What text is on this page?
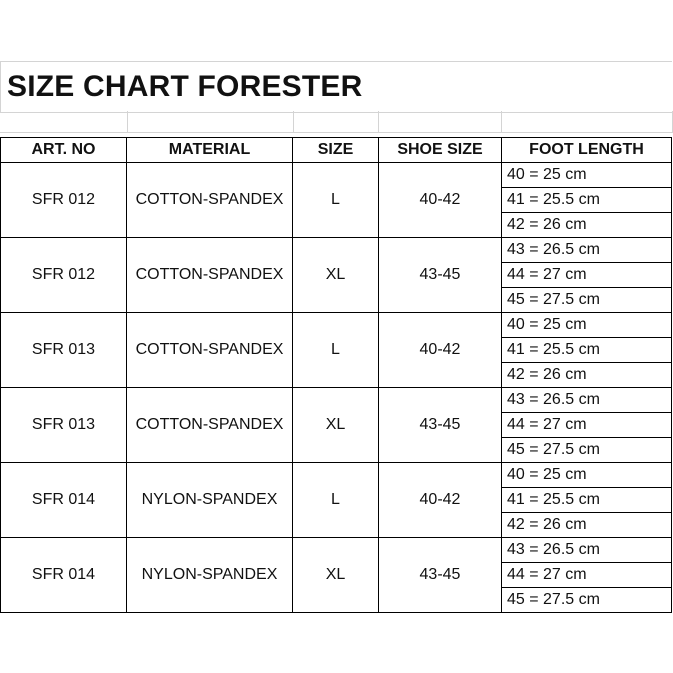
SIZE CHART FORESTER
ART. NO	MATERIAL	SIZE	SHOE SIZE	FOOT LENGTH
SFR 012	COTTON-SPANDEX	L	40-42	40 = 25 cm
				41 = 25.5 cm
				42 = 26 cm
SFR 012	COTTON-SPANDEX	XL	43-45	43 = 26.5 cm
				44 = 27 cm
				45 = 27.5 cm
SFR 013	COTTON-SPANDEX	L	40-42	40 = 25 cm
				41 = 25.5 cm
				42 = 26 cm
SFR 013	COTTON-SPANDEX	XL	43-45	43 = 26.5 cm
				44 = 27 cm
				45 = 27.5 cm
SFR 014	NYLON-SPANDEX	L	40-42	40 = 25 cm
				41 = 25.5 cm
				42 = 26 cm
SFR 014	NYLON-SPANDEX	XL	43-45	43 = 26.5 cm
				44 = 27 cm
				45 = 27.5 cm
